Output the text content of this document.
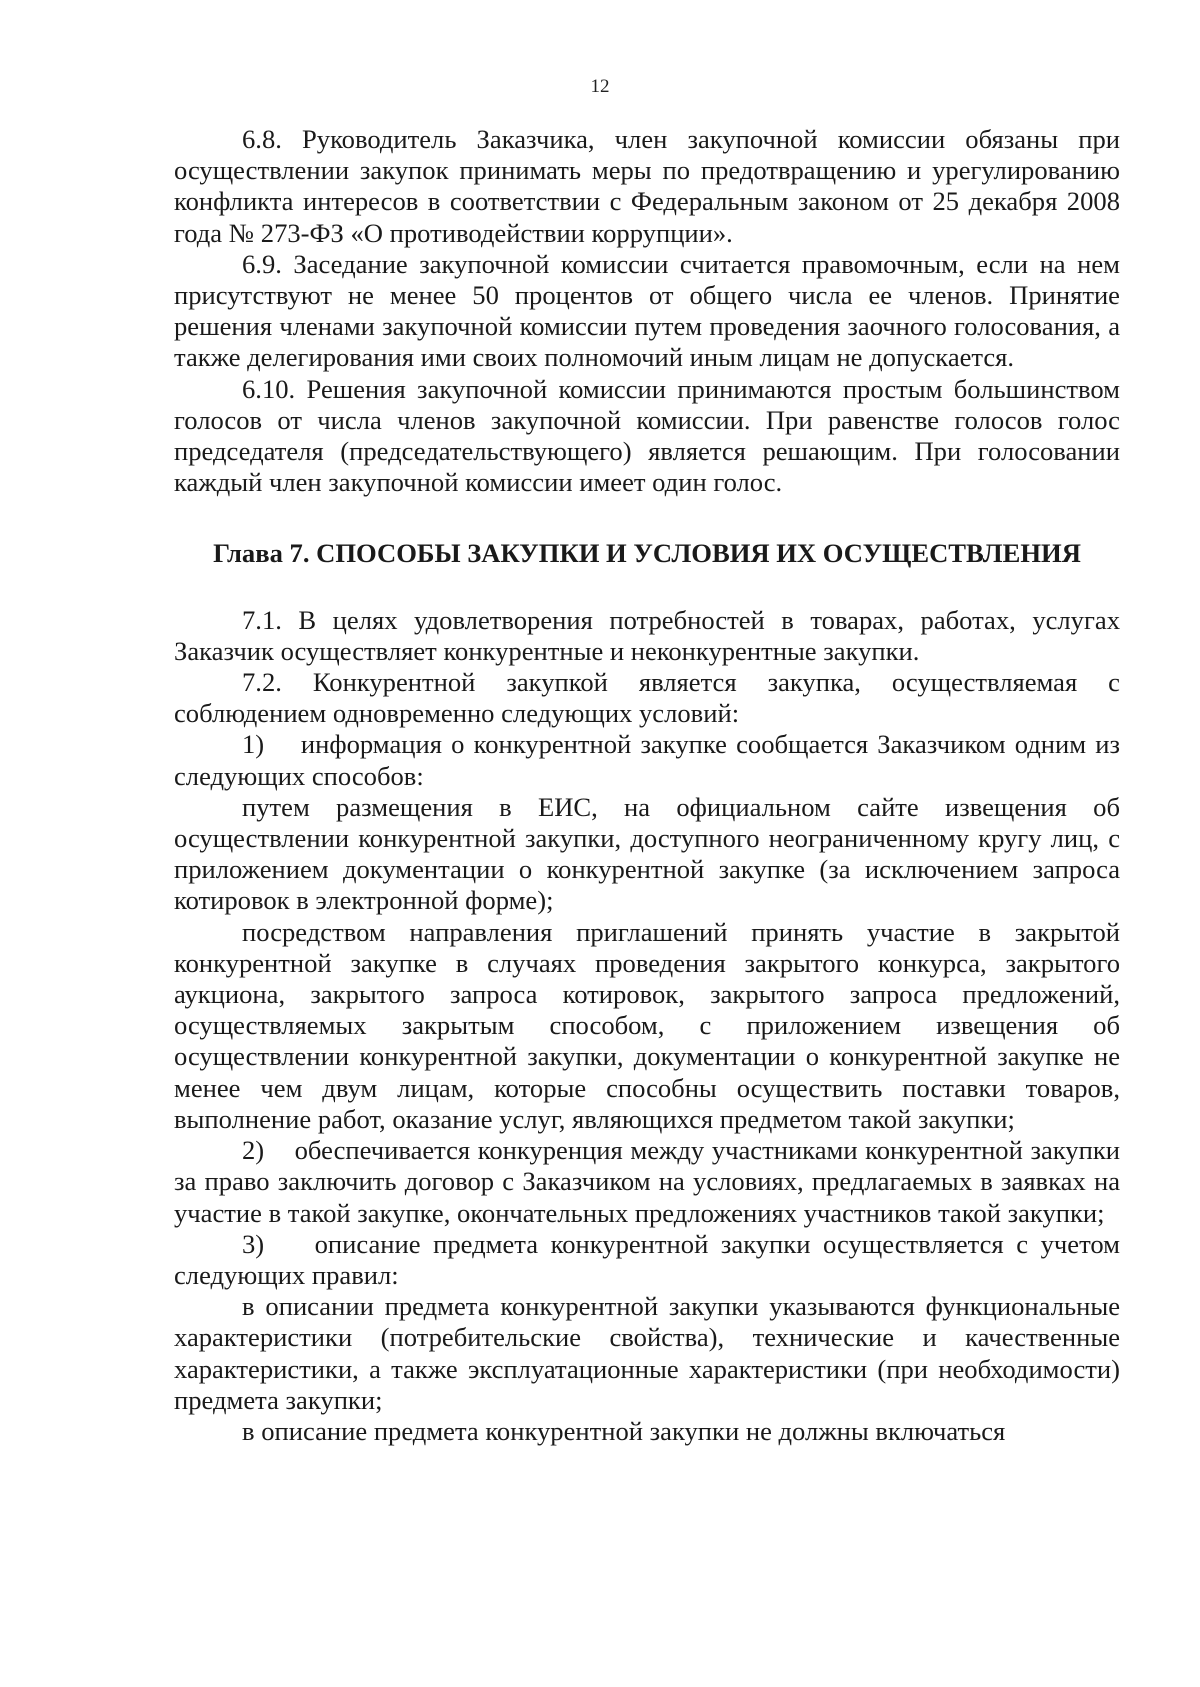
12

6.8. Руководитель Заказчика, член закупочной комиссии обязаны при осуществлении закупок принимать меры по предотвращению и урегулированию конфликта интересов в соответствии с Федеральным законом от 25 декабря 2008 года № 273-ФЗ «О противодействии коррупции».

6.9. Заседание закупочной комиссии считается правомочным, если на нем присутствуют не менее 50 процентов от общего числа ее членов. Принятие решения членами закупочной комиссии путем проведения заочного голосования, а также делегирования ими своих полномочий иным лицам не допускается.

6.10. Решения закупочной комиссии принимаются простым большинством голосов от числа членов закупочной комиссии. При равенстве голосов голос председателя (председательствующего) является решающим. При голосовании каждый член закупочной комиссии имеет один голос.

Глава 7. СПОСОБЫ ЗАКУПКИ И УСЛОВИЯ ИХ ОСУЩЕСТВЛЕНИЯ

7.1. В целях удовлетворения потребностей в товарах, работах, услугах Заказчик осуществляет конкурентные и неконкурентные закупки.

7.2. Конкурентной закупкой является закупка, осуществляемая с соблюдением одновременно следующих условий:

1)    информация о конкурентной закупке сообщается Заказчиком одним из следующих способов:

путем размещения в ЕИС, на официальном сайте извещения об осуществлении конкурентной закупки, доступного неограниченному кругу лиц, с приложением документации о конкурентной закупке (за исключением запроса котировок в электронной форме);

посредством направления приглашений принять участие в закрытой конкурентной закупке в случаях проведения закрытого конкурса, закрытого аукциона, закрытого запроса котировок, закрытого запроса предложений, осуществляемых закрытым способом, с приложением извещения об осуществлении конкурентной закупки, документации о конкурентной закупке не менее чем двум лицам, которые способны осуществить поставки товаров, выполнение работ, оказание услуг, являющихся предметом такой закупки;

2)    обеспечивается конкуренция между участниками конкурентной закупки за право заключить договор с Заказчиком на условиях, предлагаемых в заявках на участие в такой закупке, окончательных предложениях участников такой закупки;

3)    описание предмета конкурентной закупки осуществляется с учетом следующих правил:

в описании предмета конкурентной закупки указываются функциональные характеристики (потребительские свойства), технические и качественные характеристики, а также эксплуатационные характеристики (при необходимости) предмета закупки;

в описание предмета конкурентной закупки не должны включаться
